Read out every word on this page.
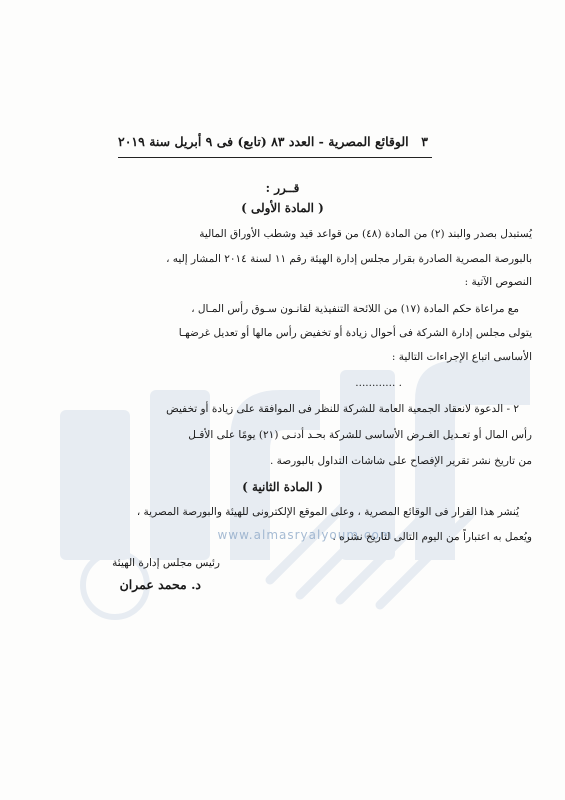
www.almasryalyoum.com
٣
الوقائع المصرية - العدد ٨٣ (تابع) فى ٩ أبريل سنة ٢٠١٩
قــرر :
( المادة الأولى )
يُستبدل بصدر والبند (٢) من المادة (٤٨) من قواعد قيد وشطب الأوراق المالية
بالبورصة المصرية الصادرة بقرار مجلس إدارة الهيئة رقم ١١ لسنة ٢٠١٤ المشار إليه ،
النصوص الآتية :
مع مراعاة حكم المادة (١٧) من اللائحة التنفيذية لقانـون سـوق رأس المـال ،
يتولى مجلس إدارة الشركة فى أحوال زيادة أو تخفيض رأس مالها أو تعديل غرضهـا
الأساسى اتباع الإجراءات التالية :
. ............
٢ - الدعوة لانعقاد الجمعية العامة للشركة للنظر فى الموافقة على زيادة أو تخفيض
رأس المال أو تعـديل الغـرض الأساسى للشركة بحـد أدنـى (٢١) يومًا على الأقـل
من تاريخ نشر تقرير الإفصاح على شاشات التداول بالبورصة .
( المادة الثانية )
يُنشر هذا القرار فى الوقائع المصرية ، وعلى الموقع الإلكترونى للهيئة والبورصة المصرية ،
ويُعمل به اعتباراً من اليوم التالى لتاريخ نشره .
رئيس مجلس إدارة الهيئة
د. محمد عمران
